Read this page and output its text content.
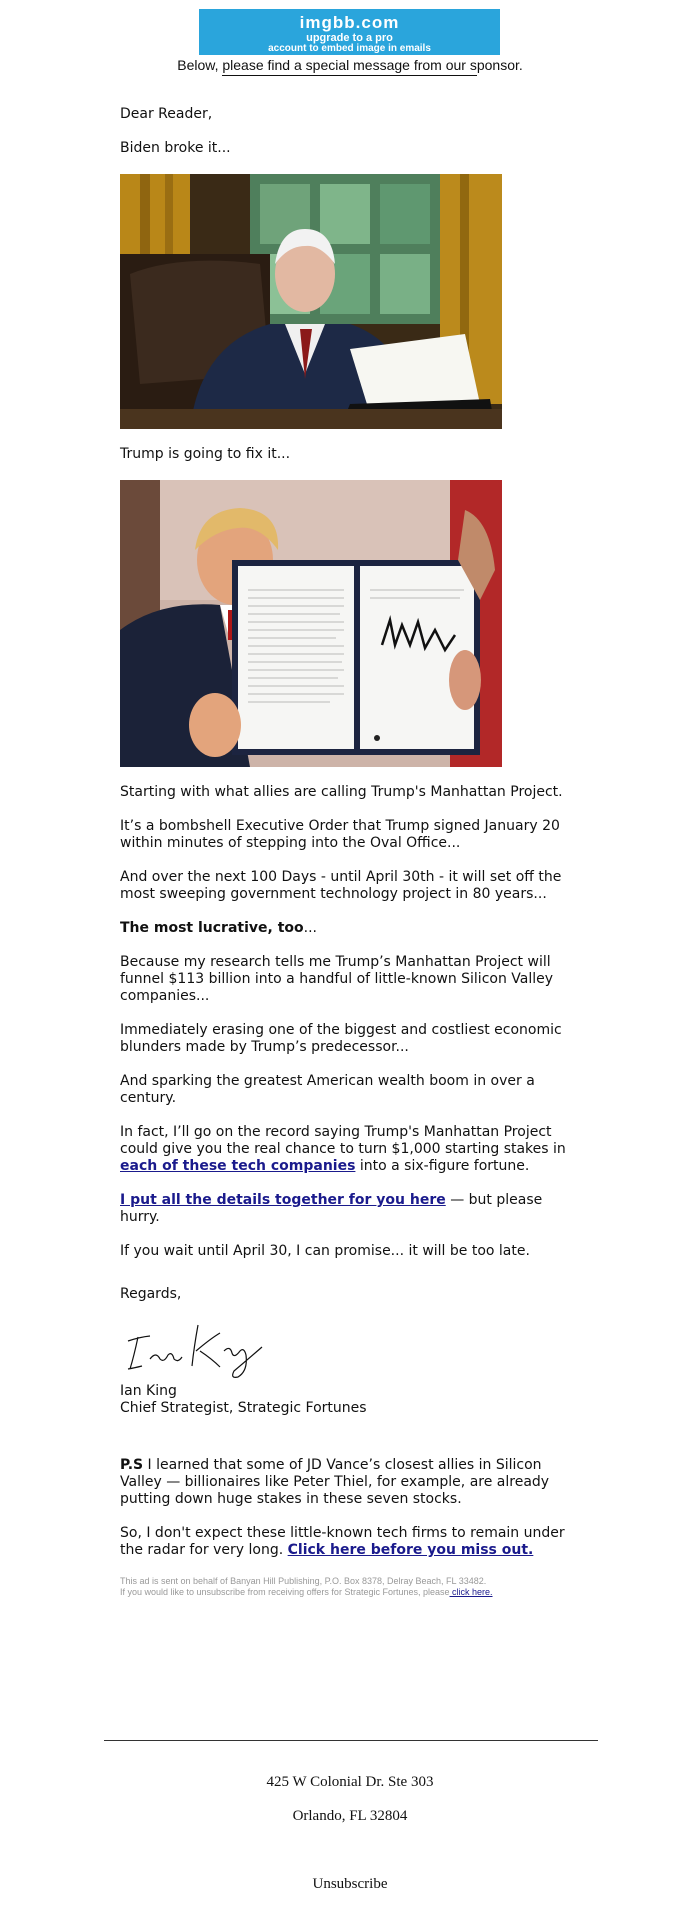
imgbb.com
upgrade to a pro
account to embed image in emails
Below, please find a special message from our sponsor.

Dear Reader,

Biden broke it...

Trump is going to fix it...

Starting with what allies are calling Trump's Manhattan Project.

It’s a bombshell Executive Order that Trump signed January 20 within minutes of stepping into the Oval Office...

And over the next 100 Days - until April 30th - it will set off the most sweeping government technology project in 80 years...

The most lucrative, too...

Because my research tells me Trump’s Manhattan Project will funnel $113 billion into a handful of little-known Silicon Valley companies...

Immediately erasing one of the biggest and costliest economic blunders made by Trump’s predecessor...

And sparking the greatest American wealth boom in over a century.

In fact, I’ll go on the record saying Trump's Manhattan Project could give you the real chance to turn $1,000 starting stakes in each of these tech companies into a six-figure fortune.

I put all the details together for you here — but please hurry.

If you wait until April 30, I can promise... it will be too late.

Regards,

Ian King
Chief Strategist, Strategic Fortunes

P.S I learned that some of JD Vance’s closest allies in Silicon Valley — billionaires like Peter Thiel, for example, are already putting down huge stakes in these seven stocks.

So, I don't expect these little-known tech firms to remain under the radar for very long. Click here before you miss out.

This ad is sent on behalf of Banyan Hill Publishing, P.O. Box 8378, Delray Beach, FL 33482.
If you would like to unsubscribe from receiving offers for Strategic Fortunes, please click here.
425 W Colonial Dr. Ste 303
Orlando, FL 32804
Unsubscribe
